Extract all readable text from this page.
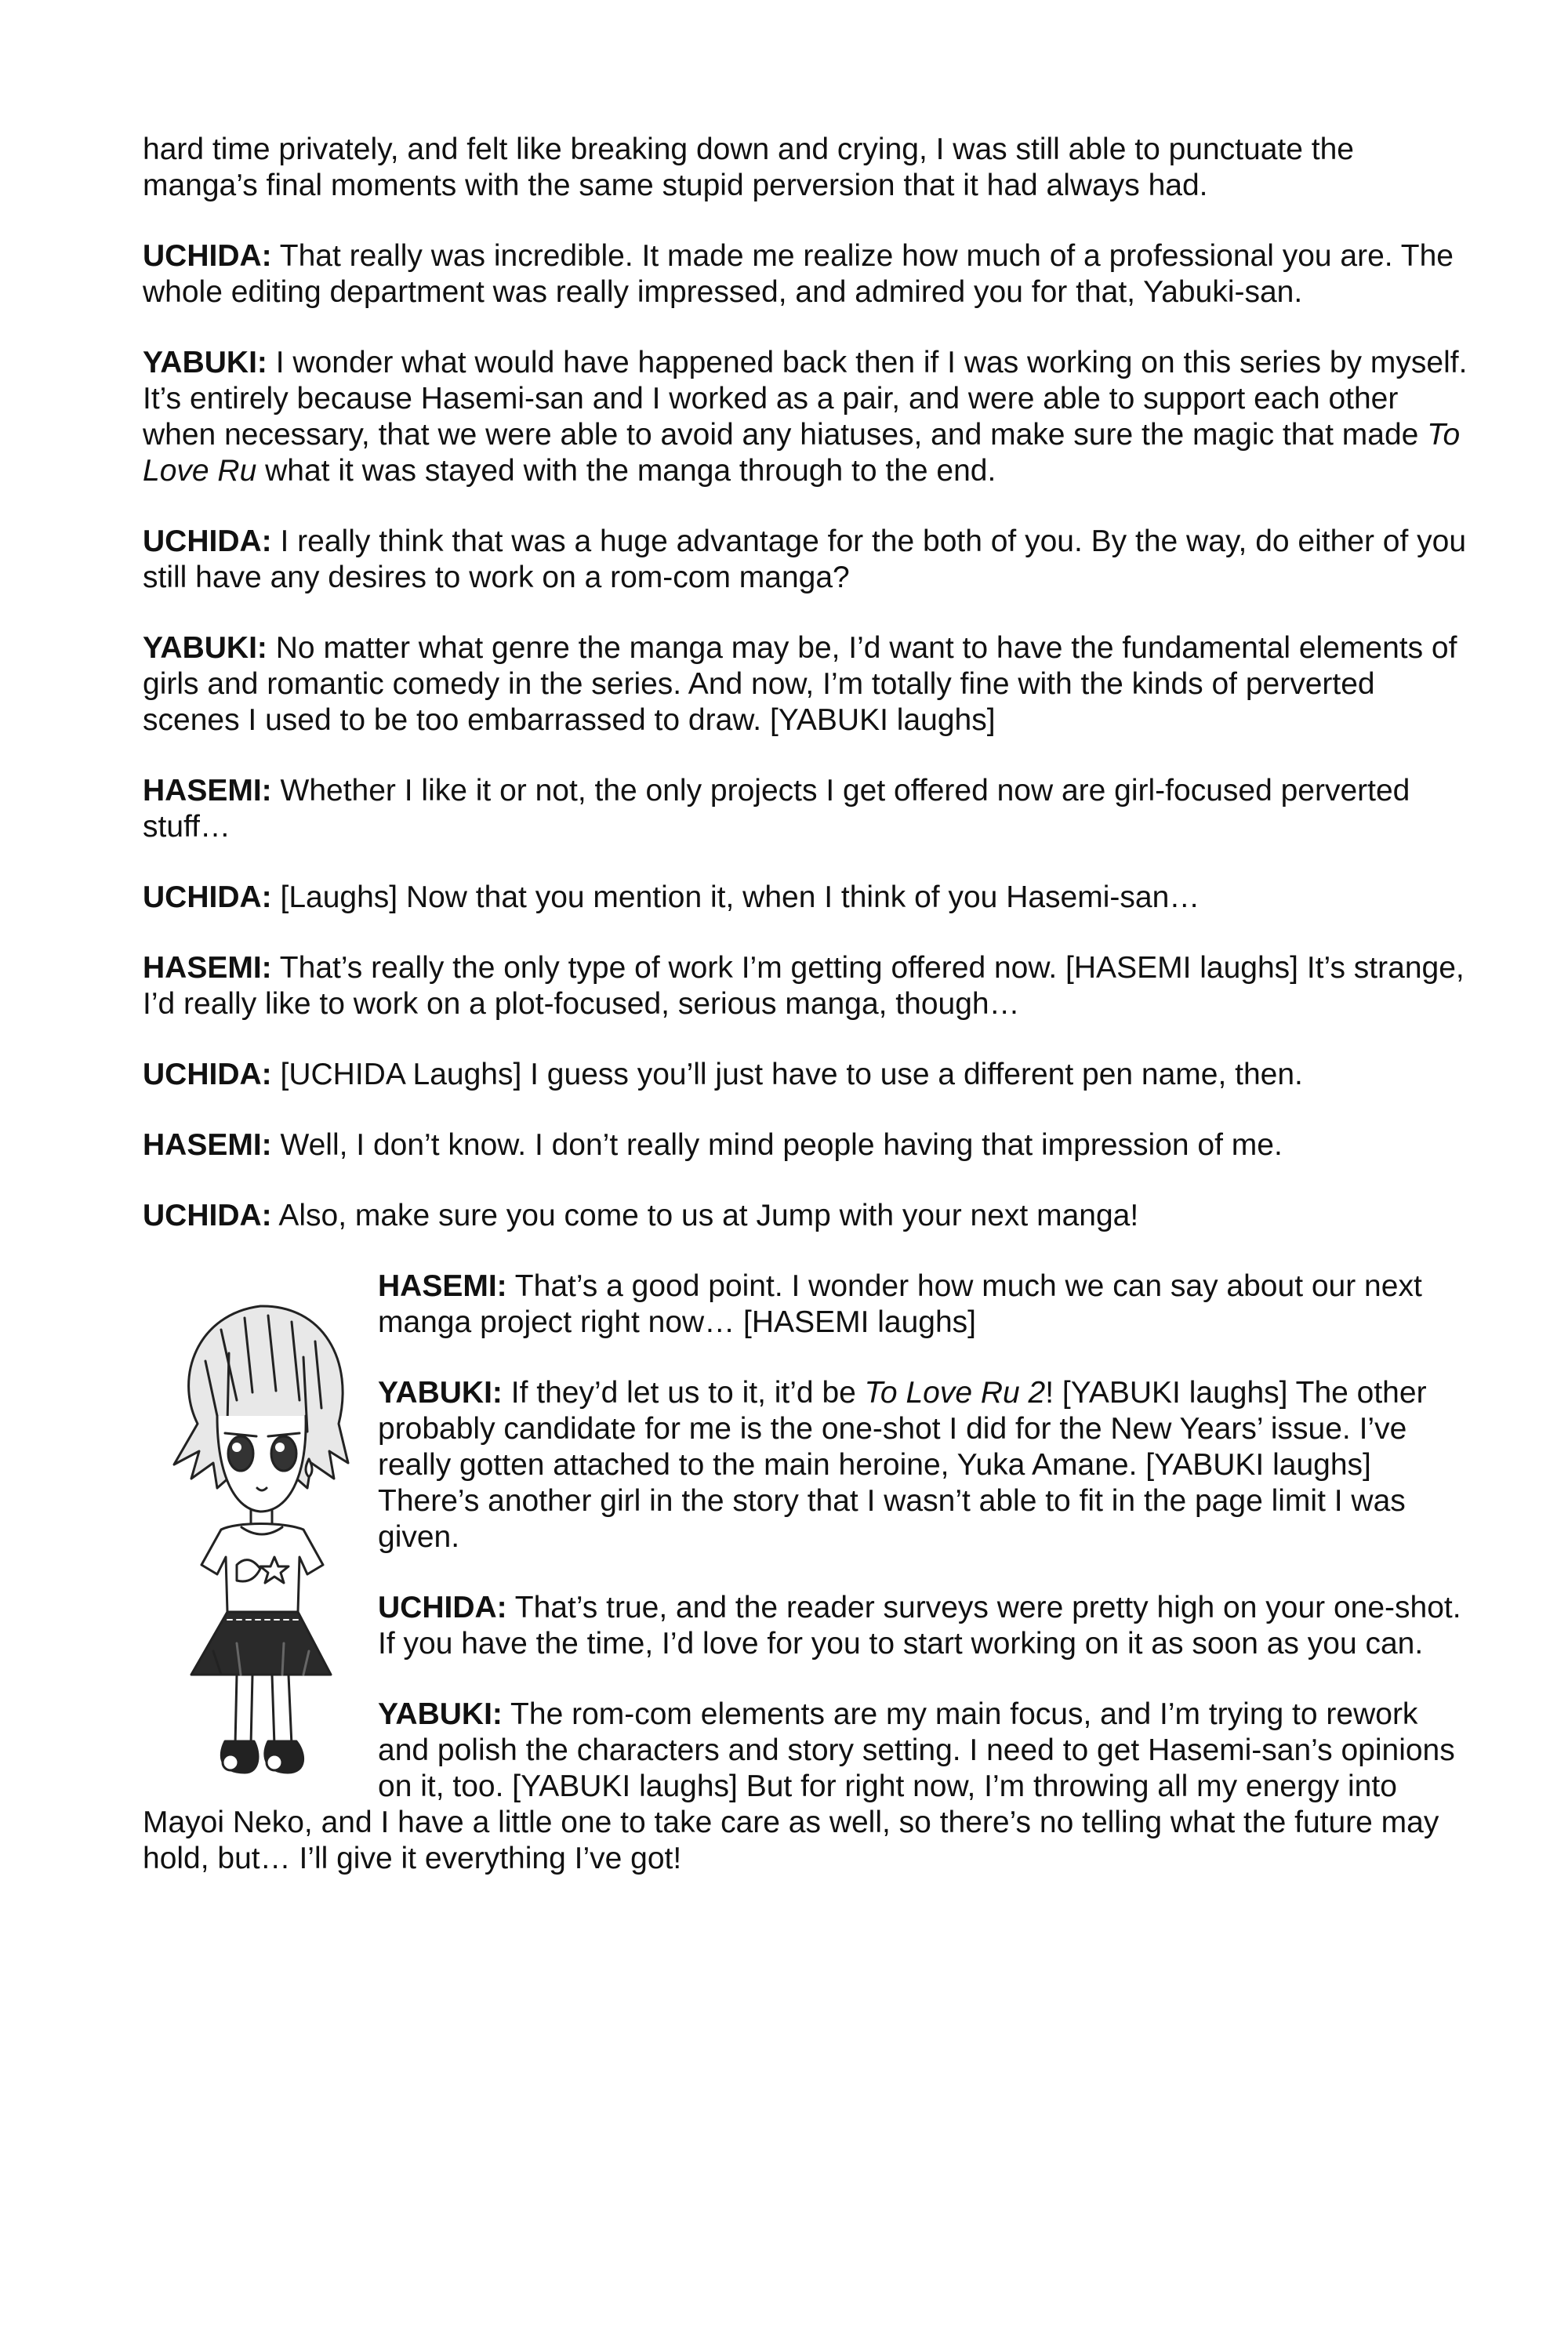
hard time privately, and felt like breaking down and crying, I was still able to punctuate the manga’s final moments with the same stupid perversion that it had always had.

UCHIDA: That really was incredible. It made me realize how much of a professional you are. The whole editing department was really impressed, and admired you for that, Yabuki-san.

YABUKI: I wonder what would have happened back then if I was working on this series by myself. It’s entirely because Hasemi-san and I worked as a pair, and were able to support each other when necessary, that we were able to avoid any hiatuses, and make sure the magic that made To Love Ru what it was stayed with the manga through to the end.

UCHIDA: I really think that was a huge advantage for the both of you. By the way, do either of you still have any desires to work on a rom-com manga?

YABUKI: No matter what genre the manga may be, I’d want to have the fundamental elements of girls and romantic comedy in the series. And now, I’m totally fine with the kinds of perverted scenes I used to be too embarrassed to draw. [YABUKI laughs]

HASEMI: Whether I like it or not, the only projects I get offered now are girl-focused perverted stuff…

UCHIDA: [Laughs] Now that you mention it, when I think of you Hasemi-san…

HASEMI: That’s really the only type of work I’m getting offered now. [HASEMI laughs] It’s strange, I’d really like to work on a plot-focused, serious manga, though…

UCHIDA: [UCHIDA Laughs] I guess you’ll just have to use a different pen name, then.

HASEMI: Well, I don’t know. I don’t really mind people having that impression of me.

UCHIDA: Also, make sure you come to us at Jump with your next manga!

HASEMI: That’s a good point. I wonder how much we can say about our next manga project right now… [HASEMI laughs]

YABUKI: If they’d let us to it, it’d be To Love Ru 2! [YABUKI laughs] The other probably candidate for me is the one-shot I did for the New Years’ issue. I’ve really gotten attached to the main heroine, Yuka Amane. [YABUKI laughs] There’s another girl in the story that I wasn’t able to fit in the page limit I was given.

UCHIDA: That’s true, and the reader surveys were pretty high on your one-shot. If you have the time, I’d love for you to start working on it as soon as you can.

YABUKI: The rom-com elements are my main focus, and I’m trying to rework and polish the characters and story setting. I need to get Hasemi-san’s opinions on it, too. [YABUKI laughs] But for right now, I’m throwing all my energy into Mayoi Neko, and I have a little one to take care as well, so there’s no telling what the future may hold, but… I’ll give it everything I’ve got!
